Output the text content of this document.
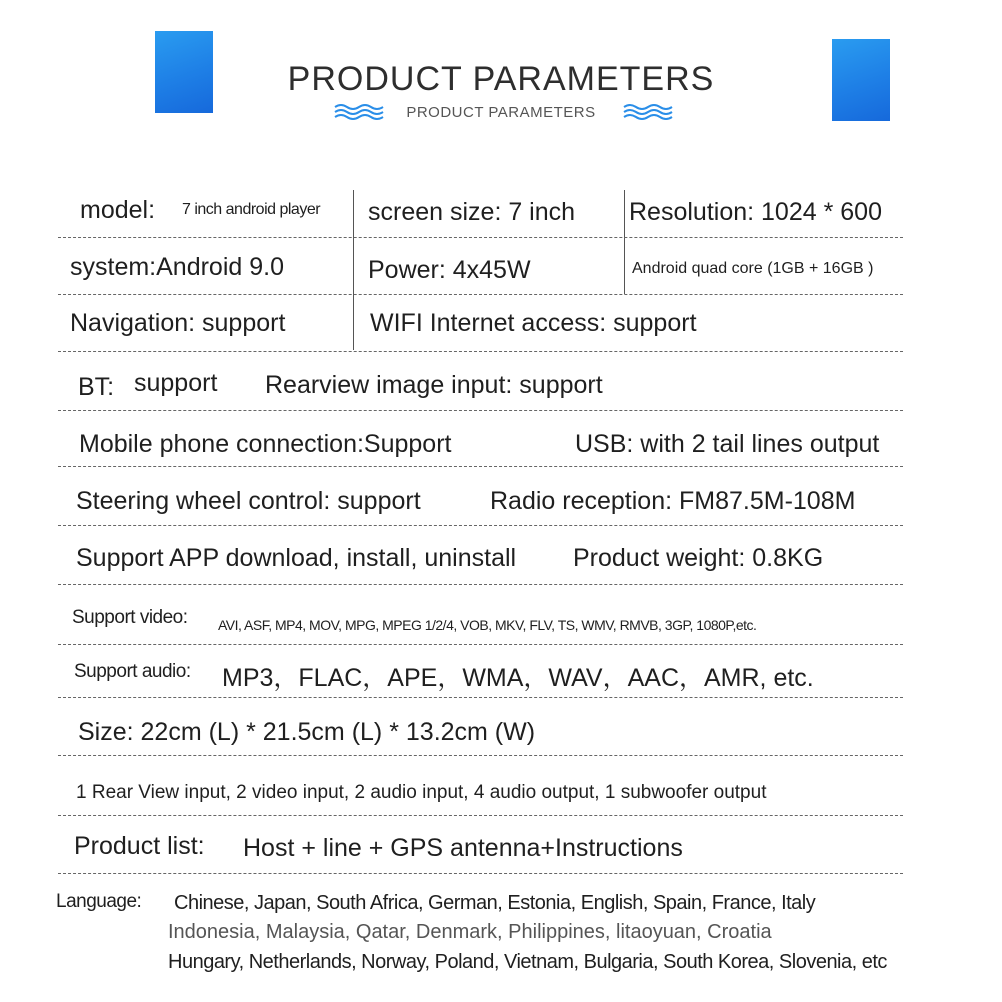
PRODUCT PARAMETERS
PRODUCT PARAMETERS
model: 7 inch android player screen size: 7 inch Resolution: 1024 * 600
system:Android 9.0	Power: 4x45W	Android quad core (1GB + 16GB )
Navigation: support	WIFI Internet access: support
BT: support Rearview image input: support
Mobile phone connection:Support	USB: with 2 tail lines output
Steering wheel control: support	Radio reception: FM87.5M-108M
Support APP download, install, uninstall Product weight: 0.8KG
Support video: AVI, ASF, MP4, MOV, MPG, MPEG 1/2/4, VOB, MKV, FLV, TS, WMV, RMVB, 3GP, 1080P,etc.
Support audio: MP3，FLAC，APE，WMA，WAV，AAC，AMR, etc.
Size: 22cm (L) * 21.5cm (L) * 13.2cm (W)
1 Rear View input, 2 video input, 2 audio input, 4 audio output, 1 subwoofer output
Product list: Host + line + GPS antenna+Instructions
Language: Chinese, Japan, South Africa, German, Estonia, English, Spain, France, Italy
Indonesia, Malaysia, Qatar, Denmark, Philippines, litaoyuan, Croatia
Hungary, Netherlands, Norway, Poland, Vietnam, Bulgaria, South Korea, Slovenia, etc
